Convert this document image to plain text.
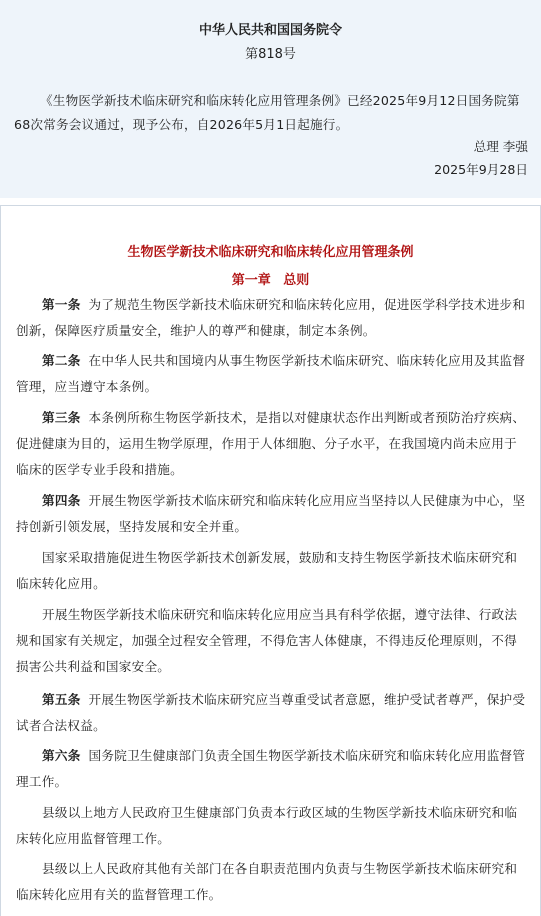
中华人民共和国国务院令
第818号
《生物医学新技术临床研究和临床转化应用管理条例》已经2025年9月12日国务院第68次常务会议通过，现予公布，自2026年5月1日起施行。
总理 李强
2025年9月28日
生物医学新技术临床研究和临床转化应用管理条例
第一章 总则
第一条 为了规范生物医学新技术临床研究和临床转化应用，促进医学科学技术进步和创新，保障医疗质量安全，维护人的尊严和健康，制定本条例。
第二条 在中华人民共和国境内从事生物医学新技术临床研究、临床转化应用及其监督管理，应当遵守本条例。
第三条 本条例所称生物医学新技术，是指以对健康状态作出判断或者预防治疗疾病、促进健康为目的，运用生物学原理，作用于人体细胞、分子水平，在我国境内尚未应用于临床的医学专业手段和措施。
第四条 开展生物医学新技术临床研究和临床转化应用应当坚持以人民健康为中心，坚持创新引领发展，坚持发展和安全并重。
国家采取措施促进生物医学新技术创新发展，鼓励和支持生物医学新技术临床研究和临床转化应用。
开展生物医学新技术临床研究和临床转化应用应当具有科学依据，遵守法律、行政法规和国家有关规定，加强全过程安全管理，不得危害人体健康，不得违反伦理原则，不得损害公共利益和国家安全。
第五条 开展生物医学新技术临床研究应当尊重受试者意愿，维护受试者尊严，保护受试者合法权益。
第六条 国务院卫生健康部门负责全国生物医学新技术临床研究和临床转化应用监督管理工作。
县级以上地方人民政府卫生健康部门负责本行政区域的生物医学新技术临床研究和临床转化应用监督管理工作。
县级以上人民政府其他有关部门在各自职责范围内负责与生物医学新技术临床研究和临床转化应用有关的监督管理工作。
